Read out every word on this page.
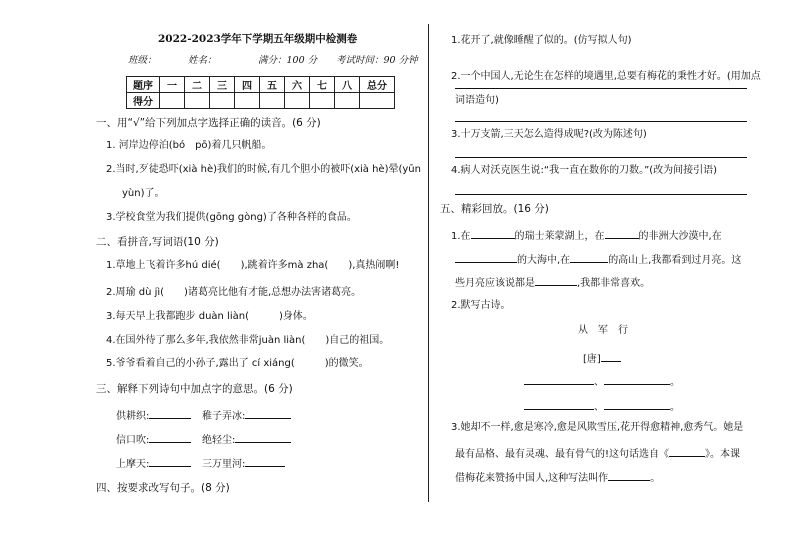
2022-2023学年下学期五年级期中检测卷
班级：	姓名：	满分：100 分 考试时间：90 分钟
题序	一	二	三	四	五	六	七	八	总分
得分									
一、用“√”给下列加点字选择正确的读音。(6 分)
1. 河岸边停泊(bó　pō)着几只帆船。
2.当时,歹徒恐吓(xià hè)我们的时候,有几个胆小的被吓(xià hè)晕(yūn
yùn)了。
3.学校食堂为我们提供(gōng gòng)了各种各样的食品。
二、看拼音,写词语(10 分)
1.草地上飞着许多hú dié(　　),跳着许多mà zha(　　),真热闹啊!
2.周瑜 dù jì(　　)诸葛亮比他有才能,总想办法害诸葛亮。
3.每天早上我都跑步 duàn liàn(　　　)身体。
4.在国外待了那么多年,我依然非常juàn liàn(　　)自己的祖国。
5.爷爷看着自己的小孙子,露出了 cí xiáng(　　　)的微笑。
三、解释下列诗句中加点字的意思。(6 分)
供耕织:	稚子弄冰:
信口吹:	绝轻尘:
上摩天:	三万里河:
四、按要求改写句子。(8 分)
1.花开了,就像睡醒了似的。(仿写拟人句)
2.一个中国人,无论生在怎样的境遇里,总要有梅花的秉性才好。(用加点
词语造句)
3.十万支箭,三天怎么造得成呢?(改为陈述句)
4.病人对沃克医生说:“我一直在数你的刀数。”(改为间接引语)
五、精彩回放。(16 分)
1.在	的瑞士莱蒙湖上，在	的非洲大沙漠中,在
的大海中,在	的高山上,我都看到过月亮。这
些月亮应该说都是	,我都非常喜欢。
2.默写古诗。
从　军　行
[唐]
、	。
、	。
3.她却不一样,愈是寒冷,愈是风欺雪压,花开得愈精神,愈秀气。她是
最有品格、最有灵魂、最有骨气的!这句话选自《	》。本课
借梅花来赞扬中国人,这种写法叫作	。
